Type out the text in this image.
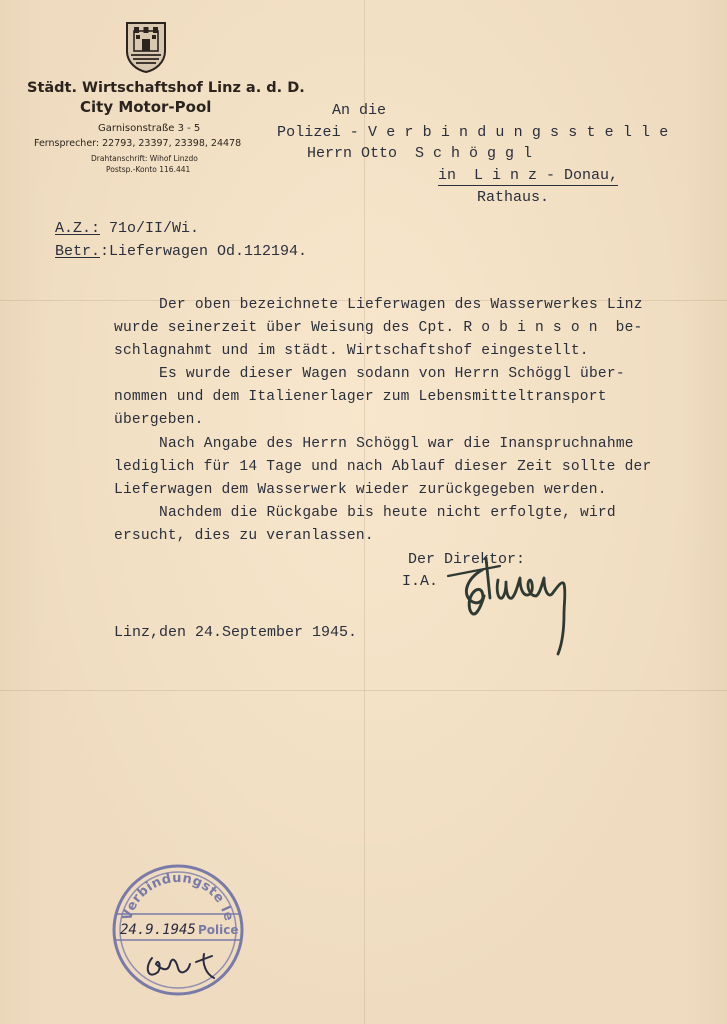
Städt. Wirtschaftshof Linz a. d. D.
City Motor-Pool
Garnisonstraße 3 - 5
Fernsprecher: 22793, 23397, 23398, 24478
Drahtanschrift: Wihof Linzdo
Postsp.-Konto 116.441
An die
Polizei - V e r b i n d u n g s s t e l l e
Herrn Otto  S c h ö g g l
in  L i n z - Donau,
Rathaus.
A.Z.: 71o/II/Wi.
Betr.:Lieferwagen Od.112194.
Der oben bezeichnete Lieferwagen des Wasserwerkes Linz
wurde seinerzeit über Weisung des Cpt. R o b i n s o n  be-
schlagnahmt und im städt. Wirtschaftshof eingestellt.
Es wurde dieser Wagen sodann von Herrn Schöggl über-
nommen und dem Italienerlager zum Lebensmitteltransport
übergeben.
Nach Angabe des Herrn Schöggl war die Inanspruchnahme
lediglich für 14 Tage und nach Ablauf dieser Zeit sollte der
Lieferwagen dem Wasserwerk wieder zurückgegeben werden.
Nachdem die Rückgabe bis heute nicht erfolgte, wird
ersucht, dies zu veranlassen.
Der Direktor:
I.A.
Linz,den 24.September 1945.
Verbindungste le
24.9.1945 Police
